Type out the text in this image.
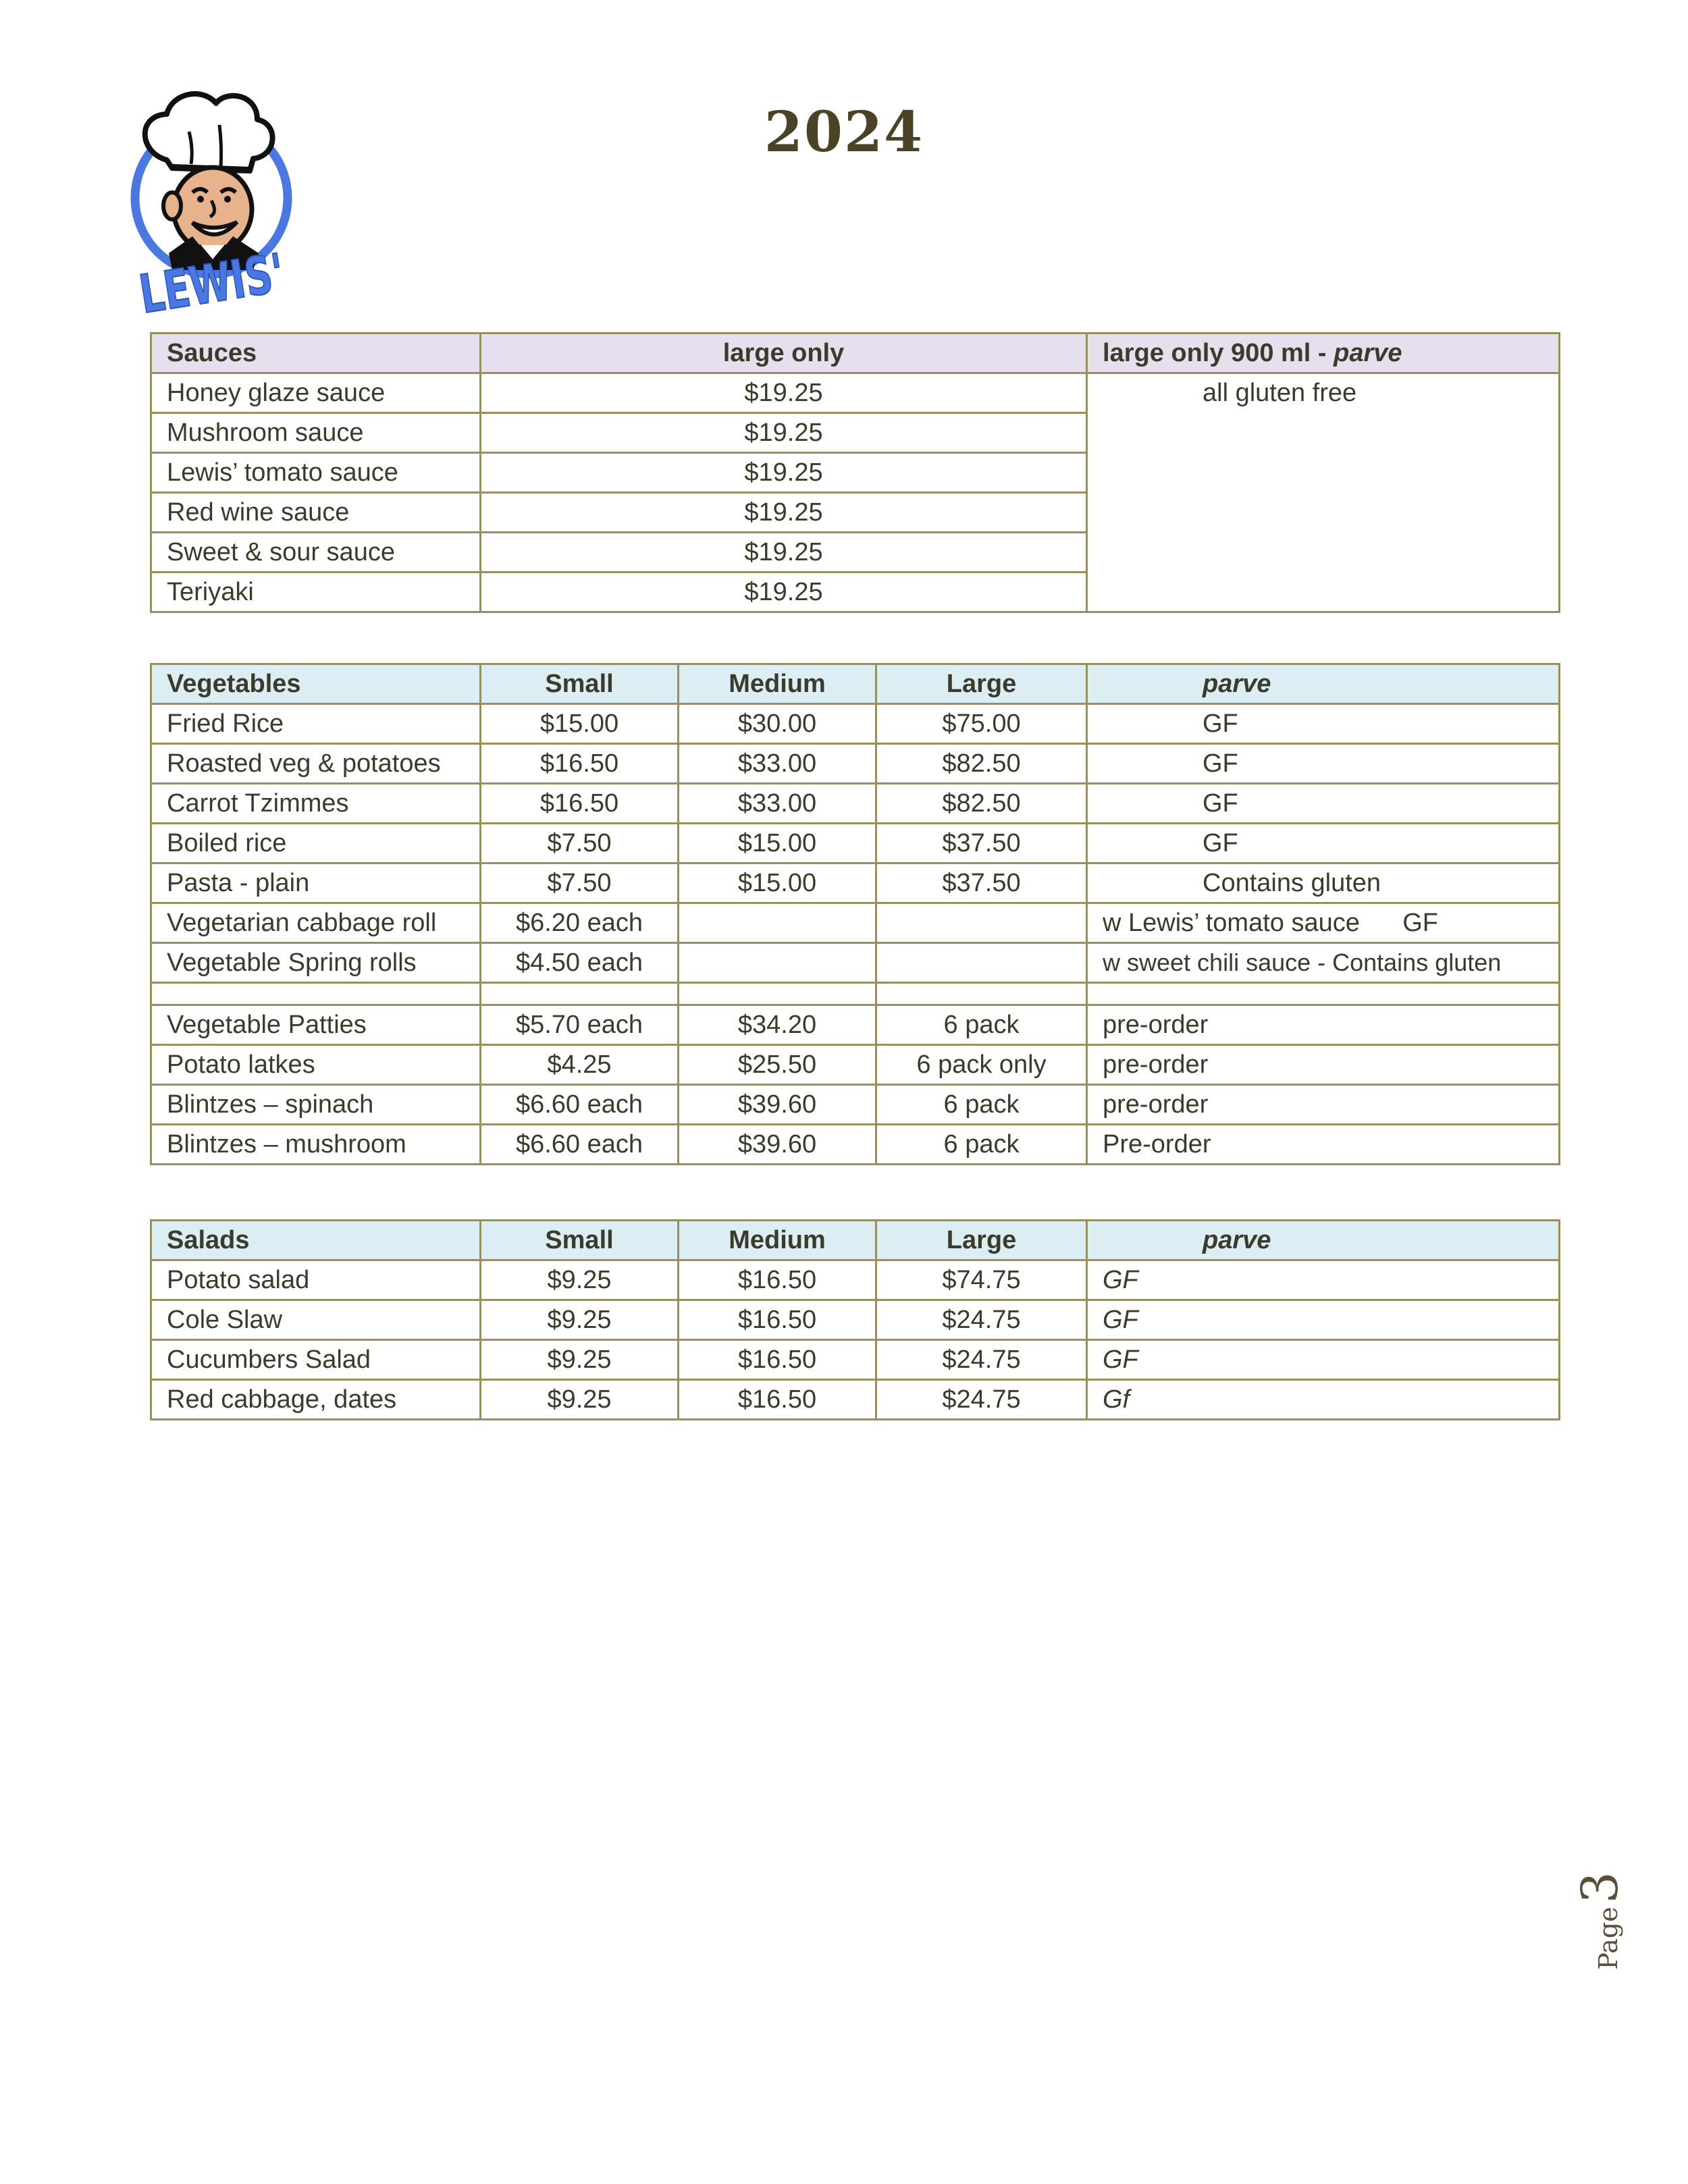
LEWIS'
2024
Sauces	large only	large only 900 ml - parve
Honey glaze sauce	$19.25	all gluten free
Mushroom sauce	$19.25	
Lewis’ tomato sauce	$19.25	
Red wine sauce	$19.25	
Sweet & sour sauce	$19.25	
Teriyaki	$19.25	
Vegetables	Small	Medium	Large	parve
Fried Rice	$15.00	$30.00	$75.00	GF
Roasted veg & potatoes	$16.50	$33.00	$82.50	GF
Carrot Tzimmes	$16.50	$33.00	$82.50	GF
Boiled rice	$7.50	$15.00	$37.50	GF
Pasta - plain	$7.50	$15.00	$37.50	Contains gluten
Vegetarian cabbage roll	$6.20 each			w Lewis’ tomato sauce      GF
Vegetable Spring rolls	$4.50 each			w sweet chili sauce - Contains gluten

Vegetable Patties	$5.70 each	$34.20	6 pack	pre-order
Potato latkes	$4.25	$25.50	6 pack only	pre-order
Blintzes – spinach	$6.60 each	$39.60	6 pack	pre-order
Blintzes – mushroom	$6.60 each	$39.60	6 pack	Pre-order
Salads	Small	Medium	Large	parve
Potato salad	$9.25	$16.50	$74.75	GF
Cole Slaw	$9.25	$16.50	$24.75	GF
Cucumbers Salad	$9.25	$16.50	$24.75	GF
Red cabbage, dates	$9.25	$16.50	$24.75	Gf
Page 3
